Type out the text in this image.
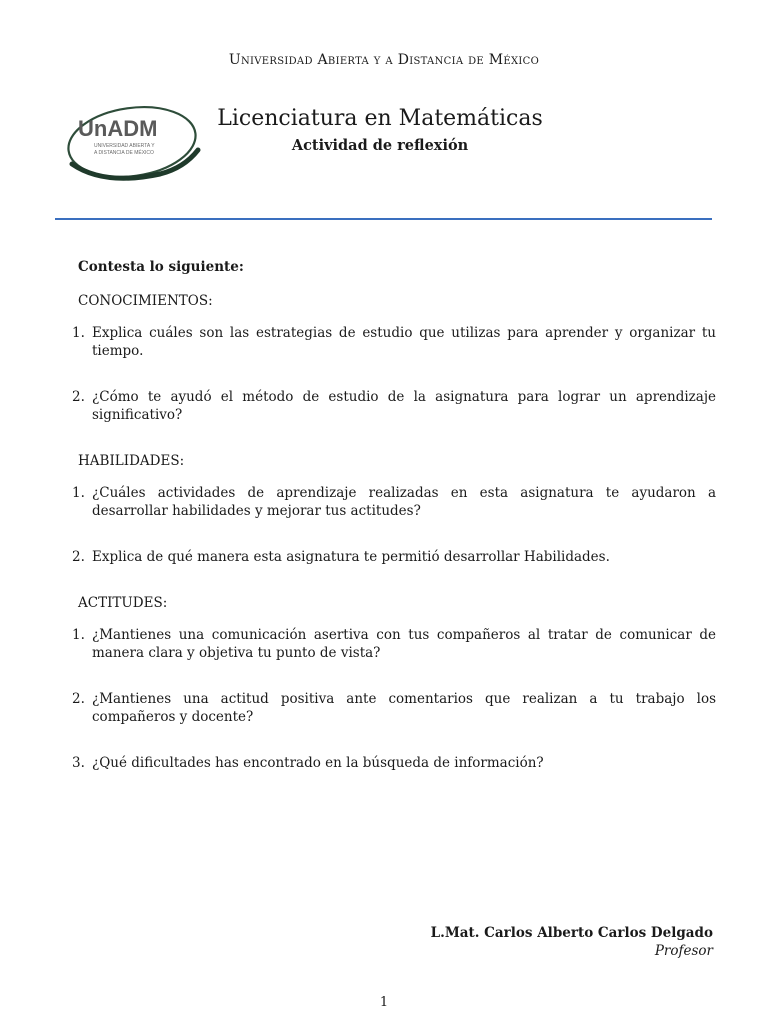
Universidad Abierta y a Distancia de México
UnADM
UNIVERSIDAD ABIERTA Y
A DISTANCIA DE MÉXICO
Licenciatura en Matemáticas
Actividad de reflexión

Contesta lo siguiente:

CONOCIMIENTOS:

1. Explica cuáles son las estrategias de estudio que utilizas para aprender y organizar tu tiempo.
2. ¿Cómo te ayudó el método de estudio de la asignatura para lograr un aprendizaje significativo?

HABILIDADES:

1. ¿Cuáles actividades de aprendizaje realizadas en esta asignatura te ayudaron a desarrollar habilidades y mejorar tus actitudes?
2. Explica de qué manera esta asignatura te permitió desarrollar Habilidades.

ACTITUDES:

1. ¿Mantienes una comunicación asertiva con tus compañeros al tratar de comunicar de manera clara y objetiva tu punto de vista?
2. ¿Mantienes una actitud positiva ante comentarios que realizan a tu trabajo los compañeros y docente?
3. ¿Qué dificultades has encontrado en la búsqueda de información?
L.Mat. Carlos Alberto Carlos Delgado
Profesor
1
